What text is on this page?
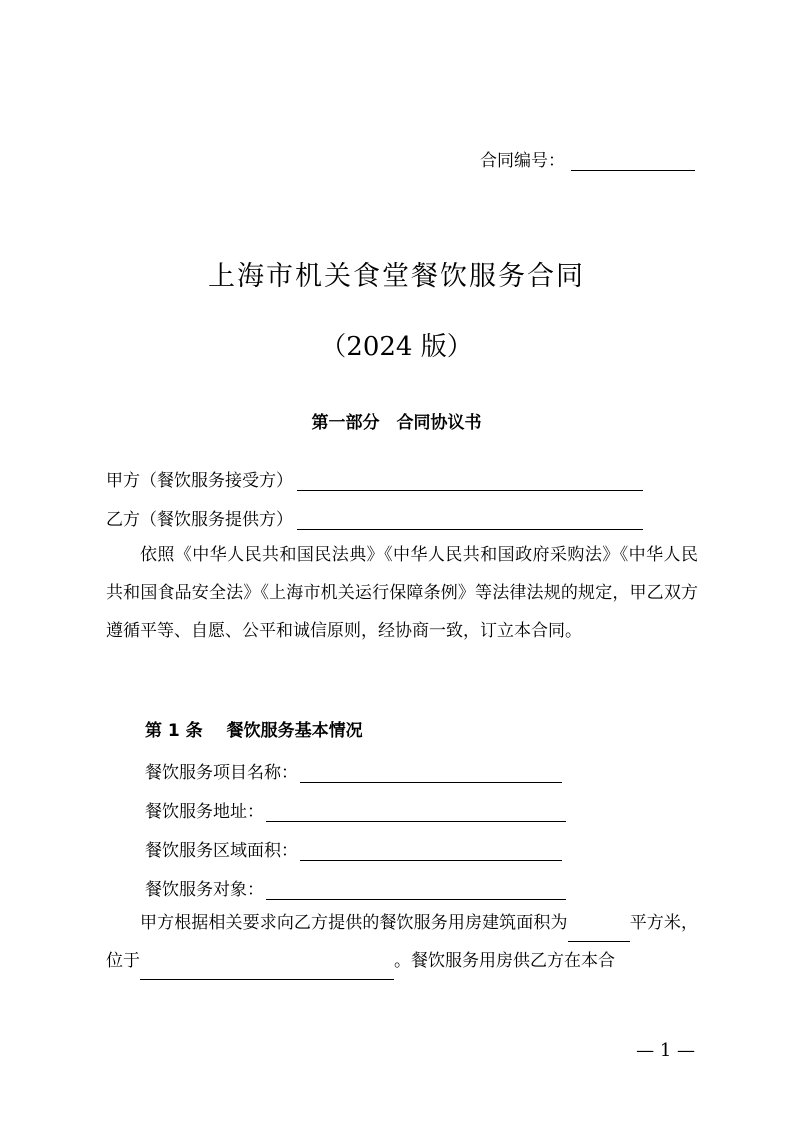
合同编号：
上海市机关食堂餐饮服务合同
（2024 版）
第一部分　合同协议书
甲方（餐饮服务接受方）
乙方（餐饮服务提供方）
依照《中华人民共和国民法典》《中华人民共和国政府采购法》《中华人民共和国食品安全法》《上海市机关运行保障条例》等法律法规的规定，甲乙双方遵循平等、自愿、公平和诚信原则，经协商一致，订立本合同。
第 1 条 餐饮服务基本情况
餐饮服务项目名称：
餐饮服务地址：
餐饮服务区域面积：
餐饮服务对象：
甲方根据相关要求向乙方提供的餐饮服务用房建筑面积为	平方米，位于	。餐饮服务用房供乙方在本合
— 1 —
